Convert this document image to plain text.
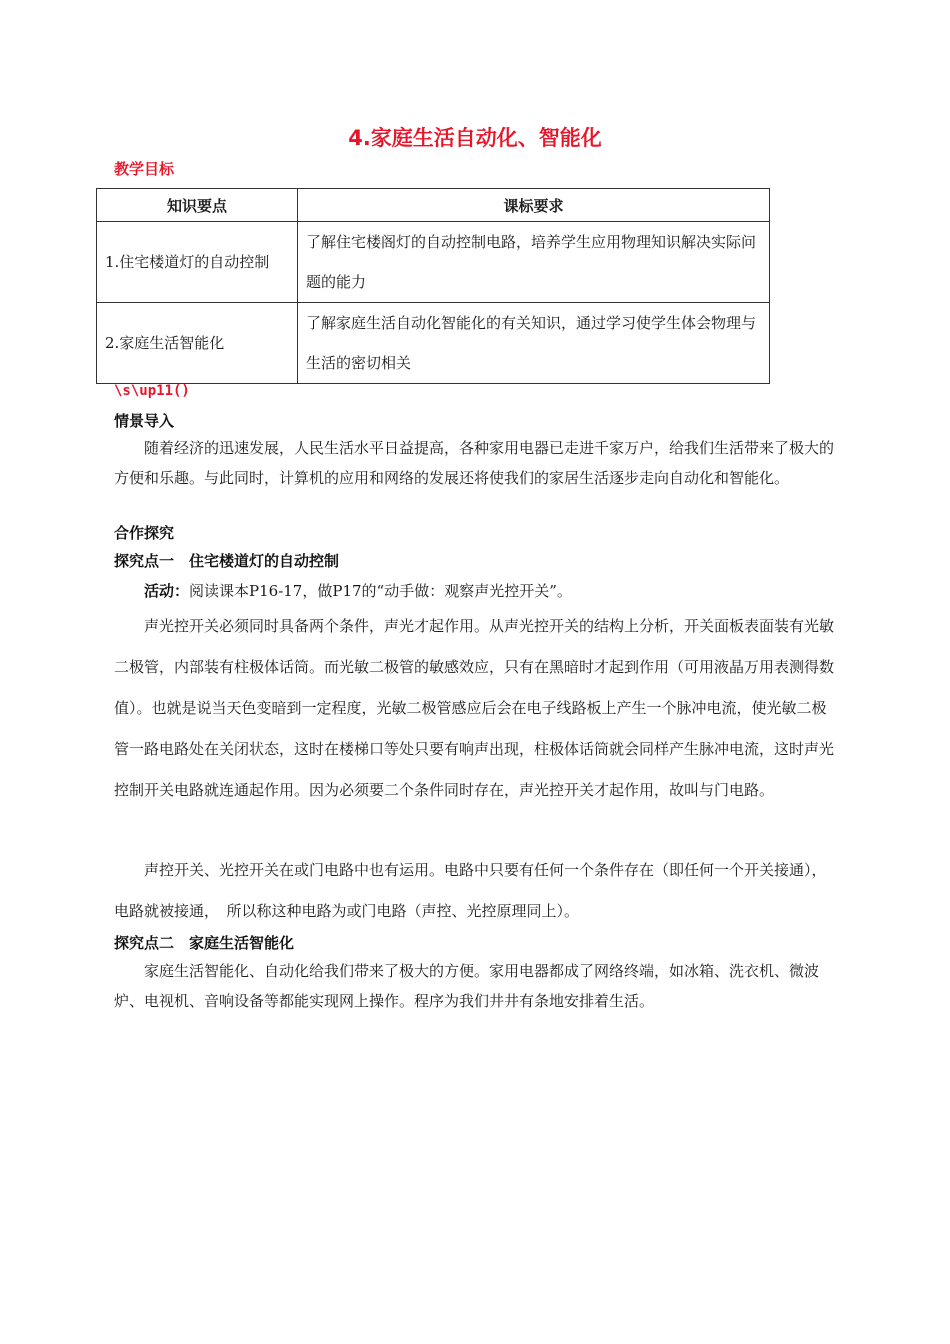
4.家庭生活自动化、智能化
教学目标
知识要点	课标要求
1.住宅楼道灯的自动控制	了解住宅楼阁灯的自动控制电路，培养学生应用物理知识解决实际问题的能力
2.家庭生活智能化	了解家庭生活自动化智能化的有关知识，通过学习使学生体会物理与生活的密切相关
\s\up11()
情景导入
随着经济的迅速发展，人民生活水平日益提高，各种家用电器已走进千家万户，给我们生活带来了极大的方便和乐趣。与此同时，计算机的应用和网络的发展还将使我们的家居生活逐步走向自动化和智能化。
合作探究
探究点一　住宅楼道灯的自动控制
活动：阅读课本P16-17，做P17的“动手做：观察声光控开关”。
声光控开关必须同时具备两个条件，声光才起作用。从声光控开关的结构上分析，开关面板表面装有光敏二极管，内部装有柱极体话筒。而光敏二极管的敏感效应，只有在黑暗时才起到作用（可用液晶万用表测得数值）。也就是说当天色变暗到一定程度，光敏二极管感应后会在电子线路板上产生一个脉冲电流，使光敏二极管一路电路处在关闭状态，这时在楼梯口等处只要有响声出现，柱极体话筒就会同样产生脉冲电流，这时声光控制开关电路就连通起作用。因为必须要二个条件同时存在，声光控开关才起作用，故叫与门电路。
声控开关、光控开关在或门电路中也有运用。电路中只要有任何一个条件存在（即任何一个开关接通），电路就被接通，　所以称这种电路为或门电路（声控、光控原理同上）。
探究点二　家庭生活智能化
家庭生活智能化、自动化给我们带来了极大的方便。家用电器都成了网络终端，如冰箱、洗衣机、微波炉、电视机、音响设备等都能实现网上操作。程序为我们井井有条地安排着生活。
